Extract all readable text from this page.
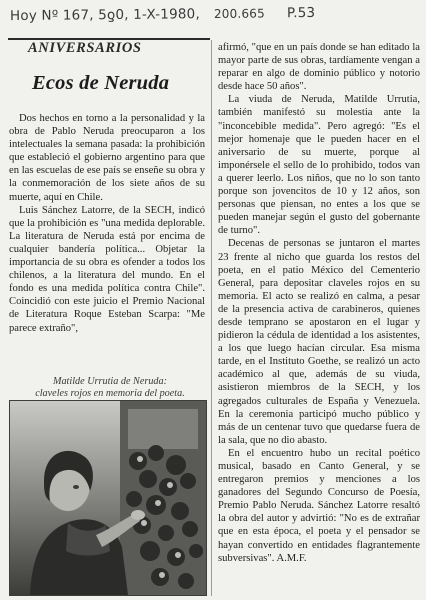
Hoy Nº 167, 5ƍ0, 1-X-1980, 200.665 P.53
ANIVERSARIOS
Ecos de Neruda

Dos hechos en torno a la personalidad y la obra de Pablo Neruda preocuparon a los intelectuales la semana pasada: la prohibición que estableció el gobierno argentino para que en las escuelas de ese país se enseñe su obra y la conmemoración de los siete años de su muerte, aquí en Chile.

Luis Sánchez Latorre, de la SECH, indicó que la prohibición es "una medida deplorable. La literatura de Neruda está por encima de cualquier bandería política... Objetar la importancia de su obra es ofender a todos los chilenos, a la literatura del mundo. En el fondo es una medida política contra Chile". Coincidió con este juicio el Premio Nacional de Literatura Roque Esteban Scarpa: "Me parece extraño",

Matilde Urrutia de Neruda:
claveles rojos en memoria del poeta.

afirmó, "que en un país donde se han editado la mayor parte de sus obras, tardíamente vengan a reparar en algo de dominio público y notorio desde hace 50 años".

La viuda de Neruda, Matilde Urrutia, también manifestó su molestia ante la "inconcebible medida". Pero agregó: "Es el mejor homenaje que le pueden hacer en el aniversario de su muerte, porque al imponérsele el sello de lo prohibido, todos van a querer leerlo. Los niños, que no lo son tanto porque son jovencitos de 10 y 12 años, son personas que piensan, no entes a los que se pueden manejar según el gusto del gobernante de turno".

Decenas de personas se juntaron el martes 23 frente al nicho que guarda los restos del poeta, en el patio México del Cementerio General, para depositar claveles rojos en su memoria. El acto se realizó en calma, a pesar de la presencia activa de carabineros, quienes desde temprano se apostaron en el lugar y pidieron la cédula de identidad a los asistentes, a los que luego hacían circular. Esa misma tarde, en el Instituto Goethe, se realizó un acto académico al que, además de su viuda, asistieron miembros de la SECH, y los agregados culturales de España y Venezuela. En la ceremonia participó mucho público y más de un centenar tuvo que quedarse fuera de la sala, que no dio abasto.

En el encuentro hubo un recital poético musical, basado en Canto General, y se entregaron premios y menciones a los ganadores del Segundo Concurso de Poesía, Premio Pablo Neruda. Sánchez Latorre resaltó la obra del autor y advirtió: "No es de extrañar que en esta época, el poeta y el pensador se hayan convertido en entidades flagrantemente subversivas". A.M.F.
